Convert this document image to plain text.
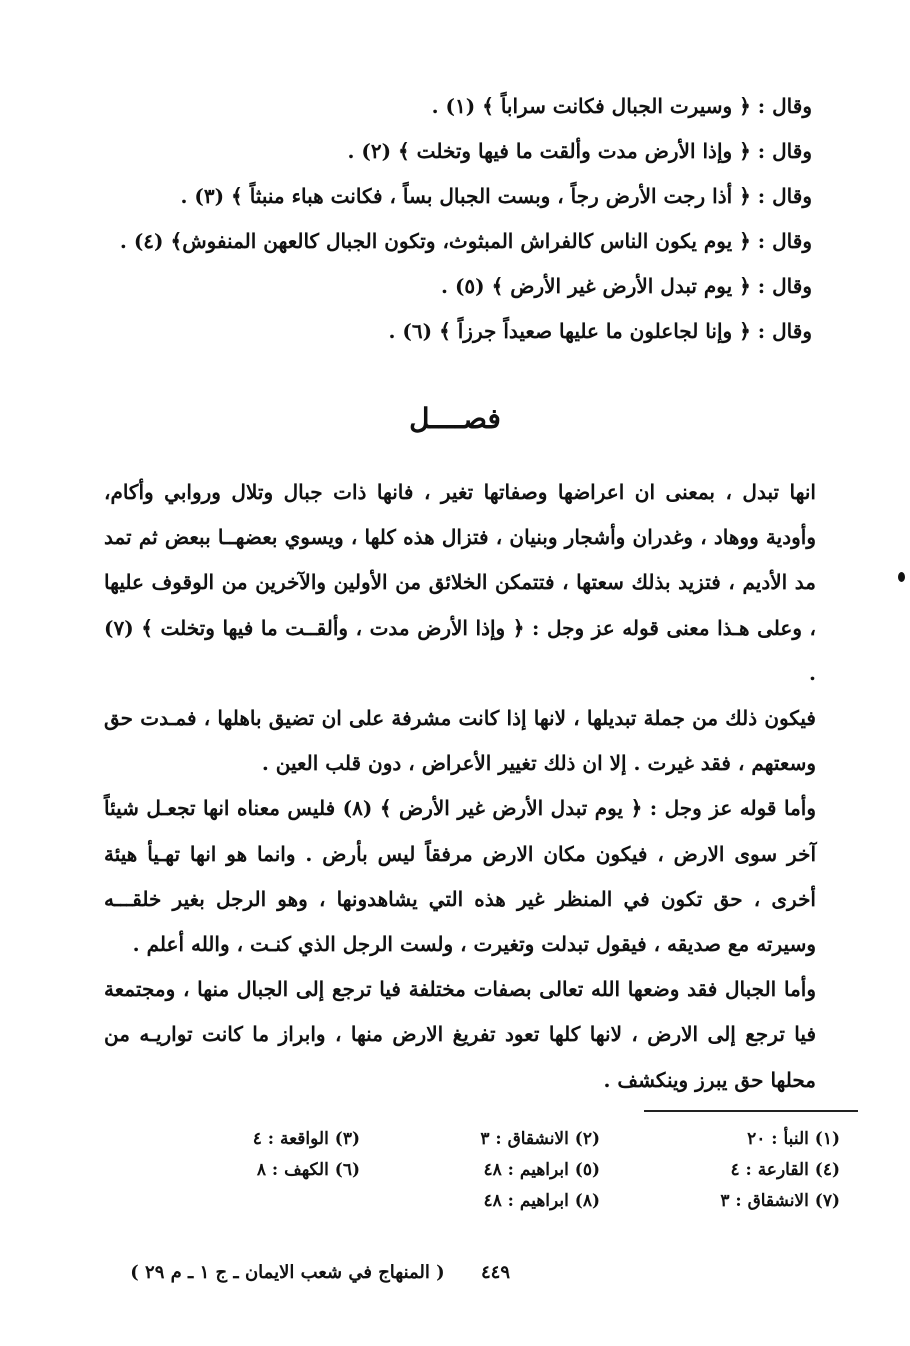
وقال : ﴿ وسيرت الجبال فكانت سراباً ﴾ (١) .
وقال : ﴿ وإذا الأرض مدت وألقت ما فيها وتخلت ﴾ (٢) .
وقال : ﴿ أذا رجت الأرض رجاً ، وبست الجبال بساً ، فكانت هباء منبثاً ﴾ (٣) .
وقال : ﴿ يوم يكون الناس كالفراش المبثوث، وتكون الجبال كالعهن المنفوش﴾ (٤) .
وقال : ﴿ يوم تبدل الأرض غير الأرض ﴾ (٥) .
وقال : ﴿ وإنا لجاعلون ما عليها صعيداً جرزاً ﴾ (٦) .
فصــــل

انها تبدل ، بمعنى ان اعراضها وصفاتها تغير ، فانها ذات جبال وتلال وروابي وأكام، وأودية ووهاد ، وغدران وأشجار وبنيان ، فتزال هذه كلها ، ويسوي بعضهــا ببعض ثم تمد مد الأديم ، فتزيد بذلك سعتها ، فتتمكن الخلائق من الأولين والآخرين من الوقوف عليها ، وعلى هـذا معنى قوله عز وجل : ﴿ وإذا الأرض مدت ، وألقــت ما فيها وتخلت ﴾ (٧) .

فيكون ذلك من جملة تبديلها ، لانها إذا كانت مشرفة على ان تضيق باهلها ، فمـدت حق وسعتهم ، فقد غيرت . إلا ان ذلك تغيير الأعراض ، دون قلب العين .

وأما قوله عز وجل : ﴿ يوم تبدل الأرض غير الأرض ﴾ (٨) فليس معناه انها تجعـل شيئاً آخر سوى الارض ، فيكون مكان الارض مرفقاً ليس بأرض . وانما هو انها تهـيأ هيئة أخرى ، حق تكون في المنظر غير هذه التي يشاهدونها ، وهو الرجل بغير خلقـــه وسيرته مع صديقه ، فيقول تبدلت وتغيرت ، ولست الرجل الذي كنـت ، والله أعلم .

وأما الجبال فقد وضعها الله تعالى بصفات مختلفة فيا ترجع إلى الجبال منها ، ومجتمعة فيا ترجع إلى الارض ، لانها كلها تعود تفريغ الارض منها ، وابراز ما كانت تواريـه من محلها حق يبرز وينكشف .

(١) النبأ : ٢٠
(٢) الانشقاق : ٣
(٣) الواقعة : ٤
(٤) القارعة : ٤
(٥) ابراهيم : ٤٨
(٦) الكهف : ٨
(٧) الانشقاق : ٣
(٨) ابراهيم : ٤٨
٤٤٩ ( المنهاج في شعب الايمان ـ ج ١ ـ م ٢٩ )
